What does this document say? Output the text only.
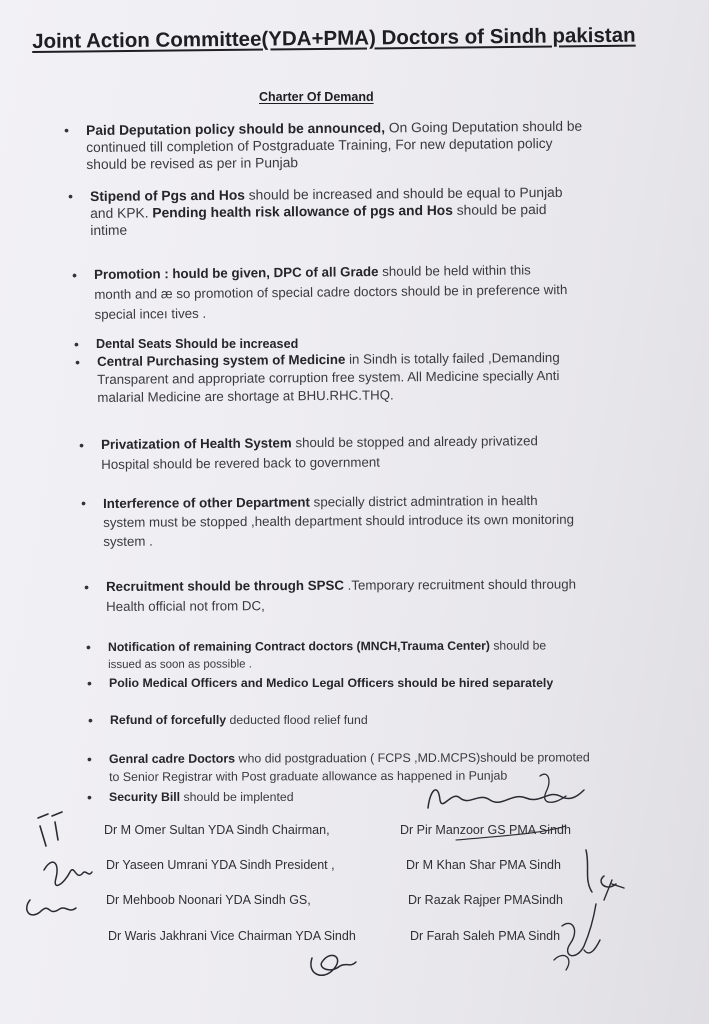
Joint Action Committee(YDA+PMA) Doctors of Sindh pakistan
Charter Of Demand
• Paid Deputation policy should be announced, On Going Deputation should be
continued till completion of Postgraduate Training, For new deputation policy
should be revised as per in Punjab
• Stipend of Pgs and Hos should be increased and should be equal to Punjab
and KPK. Pending health risk allowance of pgs and Hos should be paid
intime
• Promotion : hould be given, DPC of all Grade should be held within this
month and æ so promotion of special cadre doctors should be in preference with
special inceı tives .
• Dental Seats Should be increased
• Central Purchasing system of Medicine in Sindh is totally failed ,Demanding
Transparent and appropriate corruption free system. All Medicine specially Anti
malarial Medicine are shortage at BHU.RHC.THQ.
• Privatization of Health System should be stopped and already privatized
Hospital should be revered back to government
• Interference of other Department specially district admintration in health
system must be stopped ,health department should introduce its own monitoring
system .
• Recruitment should be through SPSC .Temporary recruitment should through
Health official not from DC,
• Notification of remaining Contract doctors (MNCH,Trauma Center) should be
issued as soon as possible .
• Polio Medical Officers and Medico Legal Officers should be hired separately
• Refund of forcefully deducted flood relief fund
• Genral cadre Doctors who did postgraduation ( FCPS ,MD.MCPS)should be promoted
to Senior Registrar with Post graduate allowance as happened in Punjab
• Security Bill should be implented
Dr M Omer Sultan YDA Sindh Chairman,
Dr Yaseen Umrani YDA Sindh President ,
Dr Mehboob Noonari YDA Sindh GS,
Dr Waris Jakhrani Vice Chairman YDA Sindh
Dr Pir Manzoor GS PMA Sindh
Dr M Khan Shar PMA Sindh
Dr Razak Rajper PMASindh
Dr Farah Saleh PMA Sindh
